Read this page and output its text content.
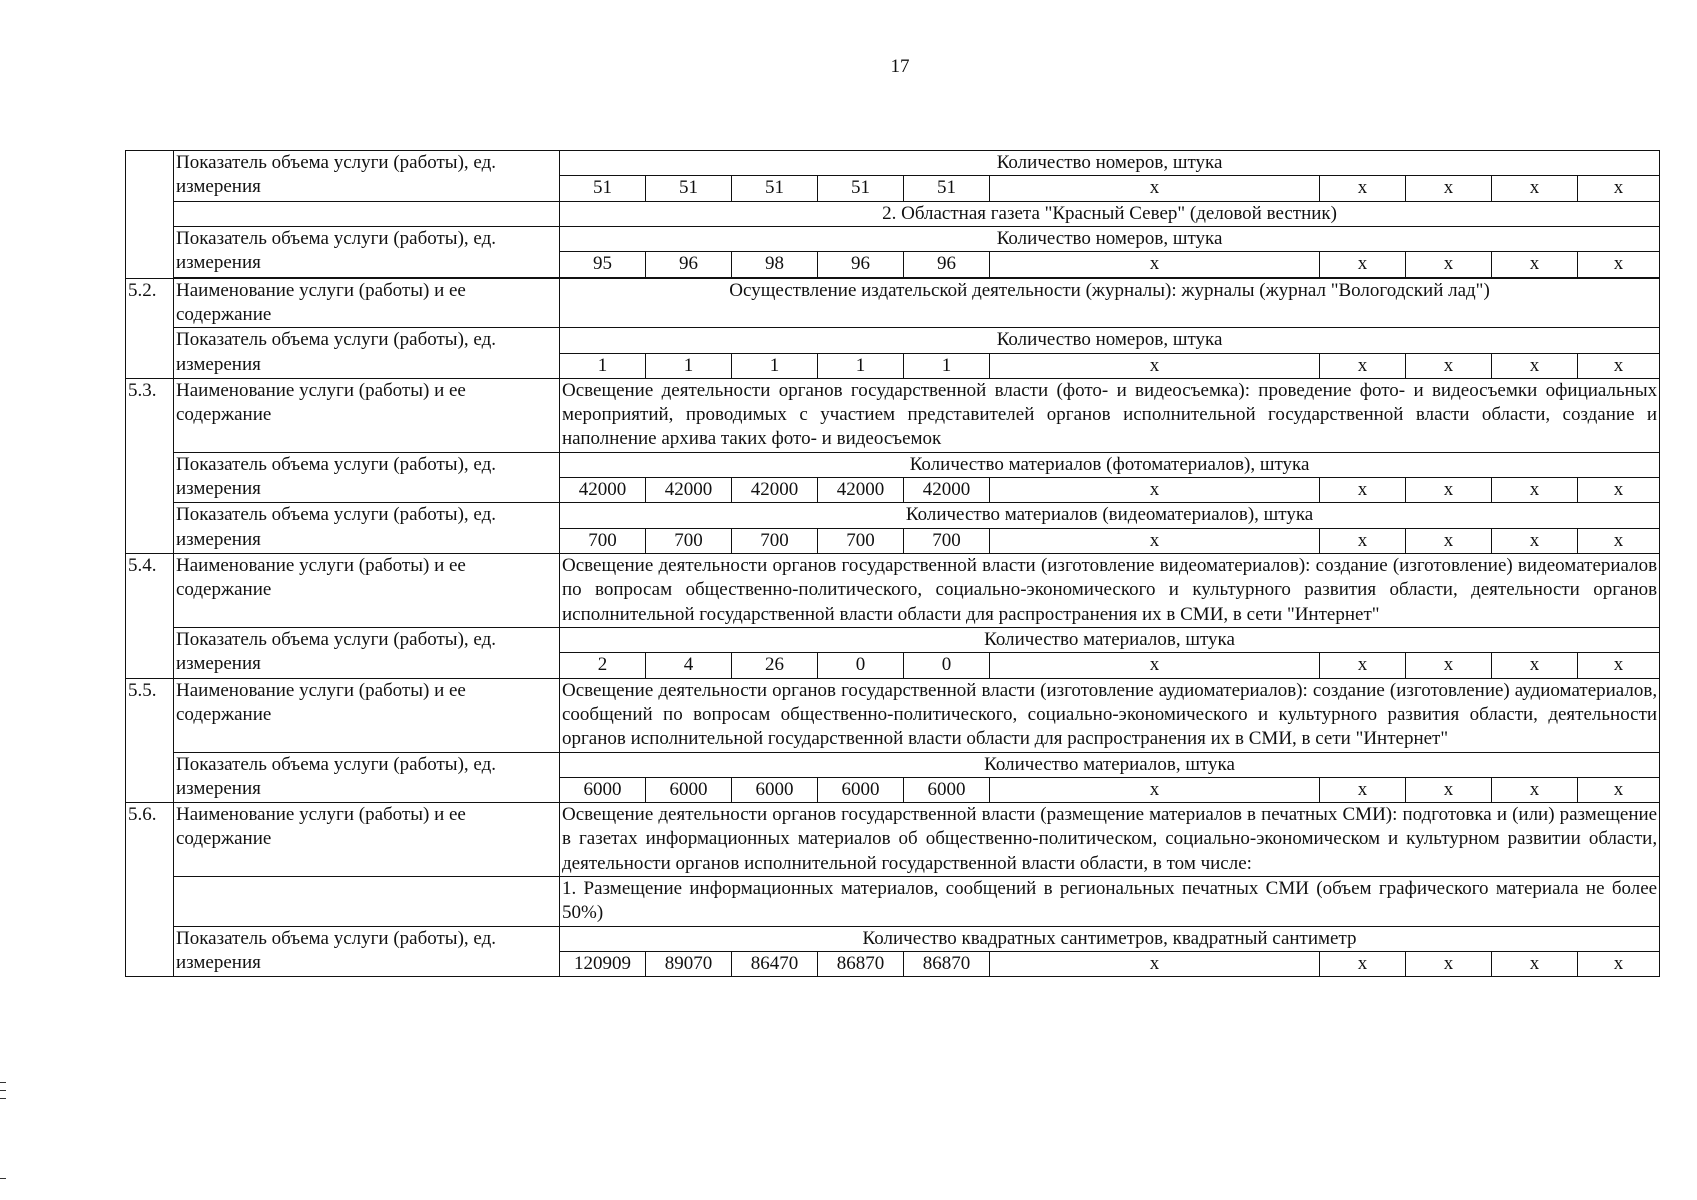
17
	Показатель объема услуги (работы), ед. измерения	Количество номеров, штука									
		51	51	51	51	51	х	х	х	х	х
		2. Областная газета "Красный Север" (деловой вестник)									
	Показатель объема услуги (работы), ед. измерения	Количество номеров, штука									
		95	96	98	96	96	х	х	х	х	х

5.2.	Наименование услуги (работы) и ее содержание	Осуществление издательской деятельности (журналы): журналы (журнал "Вологодский лад")									
	Показатель объема услуги (работы), ед. измерения	Количество номеров, штука									
		1	1	1	1	1	х	х	х	х	х
5.3.	Наименование услуги (работы) и ее содержание	Освещение деятельности органов государственной власти (фото- и видеосъемка): проведение фото- и видеосъемки официальных мероприятий, проводимых с участием представителей органов исполнительной государственной власти области, создание и наполнение архива таких фото- и видеосъемок									
	Показатель объема услуги (работы), ед. измерения	Количество материалов (фотоматериалов), штука									
		42000	42000	42000	42000	42000	х	х	х	х	х
	Показатель объема услуги (работы), ед. измерения	Количество материалов (видеоматериалов), штука									
		700	700	700	700	700	х	х	х	х	х
5.4.	Наименование услуги (работы) и ее содержание	Освещение деятельности органов государственной власти (изготовление видеоматериалов): создание (изготовление) видеоматериалов по вопросам общественно-политического, социально-экономического и культурного развития области, деятельности органов исполнительной государственной власти области для распространения их в СМИ, в сети "Интернет"									
	Показатель объема услуги (работы), ед. измерения	Количество материалов, штука									
		2	4	26	0	0	х	х	х	х	х
5.5.	Наименование услуги (работы) и ее содержание	Освещение деятельности органов государственной власти (изготовление аудиоматериалов): создание (изготовление) аудиоматериалов, сообщений по вопросам общественно-политического, социально-экономического и культурного развития области, деятельности органов исполнительной государственной власти области для распространения их в СМИ, в сети "Интернет"									
	Показатель объема услуги (работы), ед. измерения	Количество материалов, штука									
		6000	6000	6000	6000	6000	х	х	х	х	х
5.6.	Наименование услуги (работы) и ее содержание	Освещение деятельности органов государственной власти (размещение материалов в печатных СМИ): подготовка и (или) размещение в газетах информационных материалов об общественно-политическом, социально-экономическом и культурном развитии области, деятельности органов исполнительной государственной власти области, в том числе:									
		1. Размещение информационных материалов, сообщений в региональных печатных СМИ (объем графического материала не более 50%)									
	Показатель объема услуги (работы), ед. измерения	Количество квадратных сантиметров, квадратный сантиметр									
		120909	89070	86470	86870	86870	х	х	х	х	х
